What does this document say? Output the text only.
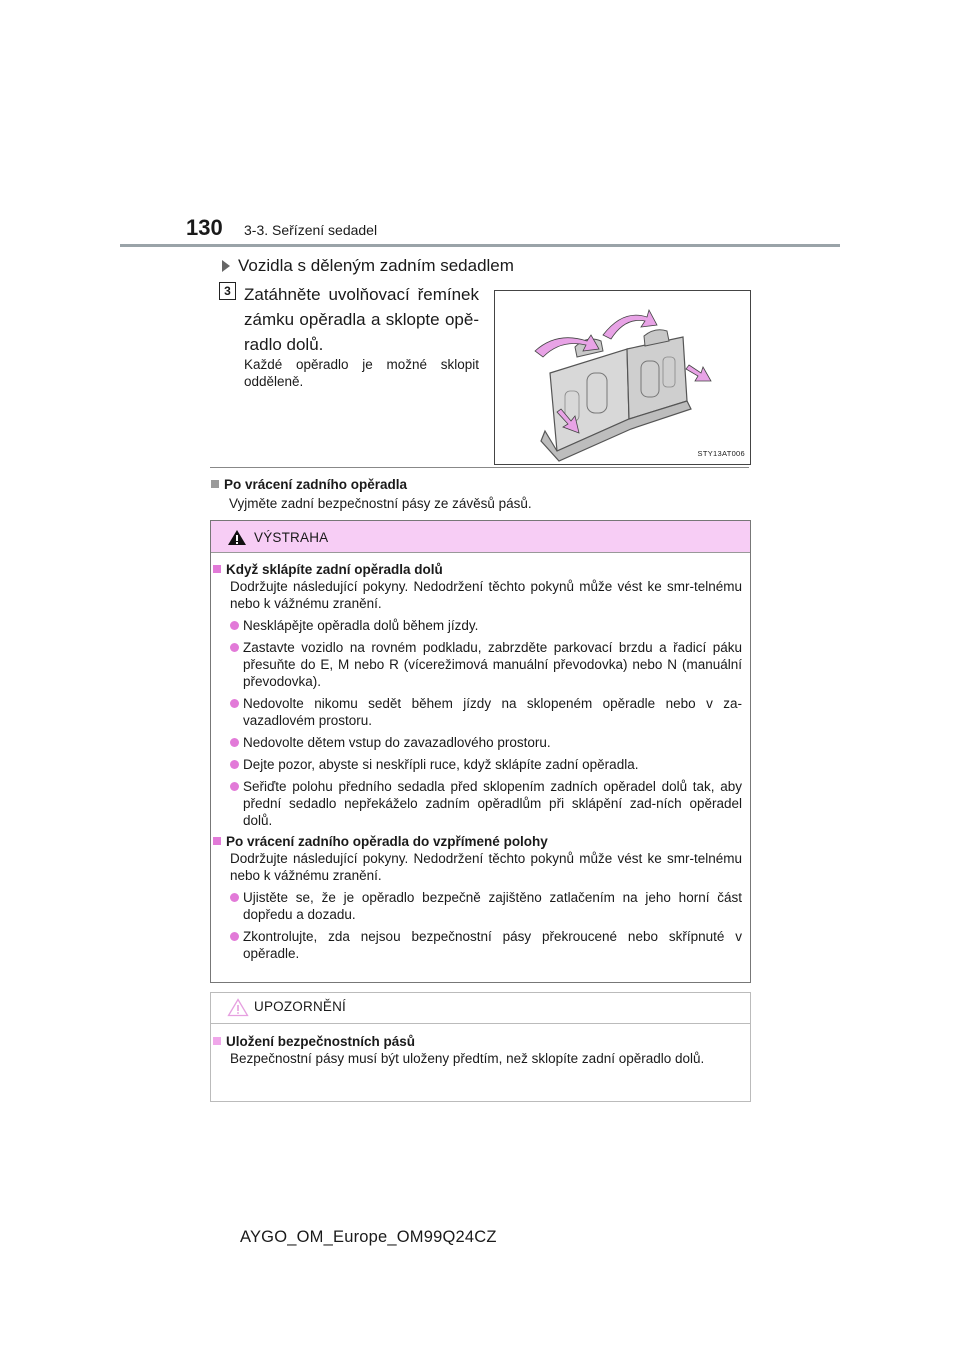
130 3-3. Seřízení sedadel
Vozidla s děleným zadním sedadlem
3 Zatáhněte uvolňovací řemínek zámku opěradla a sklopte opě-radlo dolů.
Každé opěradlo je možné sklopit odděleně.
STY13AT006
Po vrácení zadního opěradla
Vyjměte zadní bezpečnostní pásy ze závěsů pásů.
VÝSTRAHA
Když sklápíte zadní opěradla dolů
Dodržujte následující pokyny. Nedodržení těchto pokynů může vést ke smr-telnému nebo k vážnému zranění.
Nesklápějte opěradla dolů během jízdy.
Zastavte vozidlo na rovném podkladu, zabrzděte parkovací brzdu a řadicí páku přesuňte do E, M nebo R (vícerežimová manuální převodovka) nebo N (manuální převodovka).
Nedovolte nikomu sedět během jízdy na sklopeném opěradle nebo v za-vazadlovém prostoru.
Nedovolte dětem vstup do zavazadlového prostoru.
Dejte pozor, abyste si neskřípli ruce, když sklápíte zadní opěradla.
Seřiďte polohu předního sedadla před sklopením zadních opěradel dolů tak, aby přední sedadlo nepřekáželo zadním opěradlům při sklápění zad-ních opěradel dolů.
Po vrácení zadního opěradla do vzpřímené polohy
Dodržujte následující pokyny. Nedodržení těchto pokynů může vést ke smr-telnému nebo k vážnému zranění.
Ujistěte se, že je opěradlo bezpečně zajištěno zatlačením na jeho horní část dopředu a dozadu.
Zkontrolujte, zda nejsou bezpečnostní pásy překroucené nebo skřípnuté v opěradle.
UPOZORNĚNÍ
Uložení bezpečnostních pásů
Bezpečnostní pásy musí být uloženy předtím, než sklopíte zadní opěradlo dolů.
AYGO_OM_Europe_OM99Q24CZ
